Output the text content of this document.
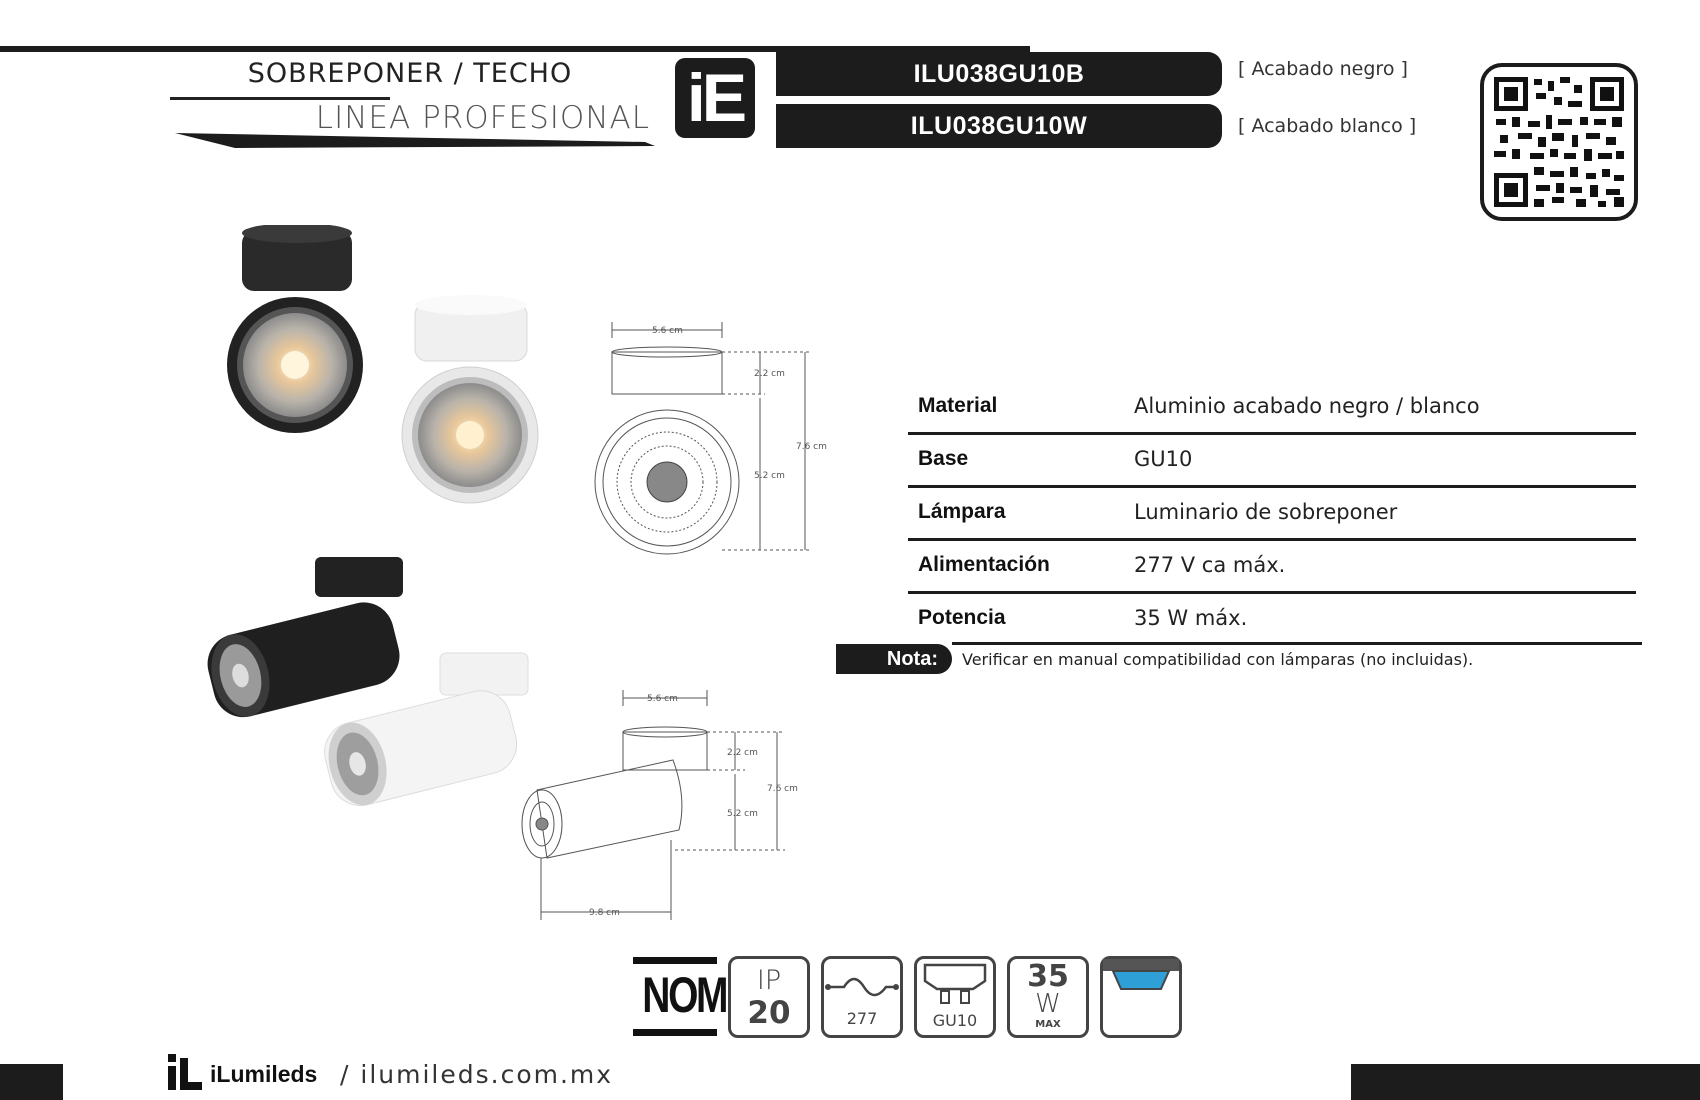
SOBREPONER / TECHO
LINEA PROFESIONAL iE	ILU038GU10B
ILU038GU10W
[ Acabado negro ]
[ Acabado blanco ]
5.6 cm
2.2 cm
5.2 cm
7.6 cm
5.6 cm
2.2 cm
5.2 cm
7.6 cm
9.8 cm
Material	Aluminio acabado negro / blanco
Base	GU10
Lámpara	Luminario de sobreponer
Alimentación	277 V ca máx.
Potencia	35 W máx.
Nota:	Verificar en manual compatibilidad con lámparas (no incluidas).
NOM	IP
20	277	GU10
35
W
MAX
iLumileds / ilumileds.com.mx
